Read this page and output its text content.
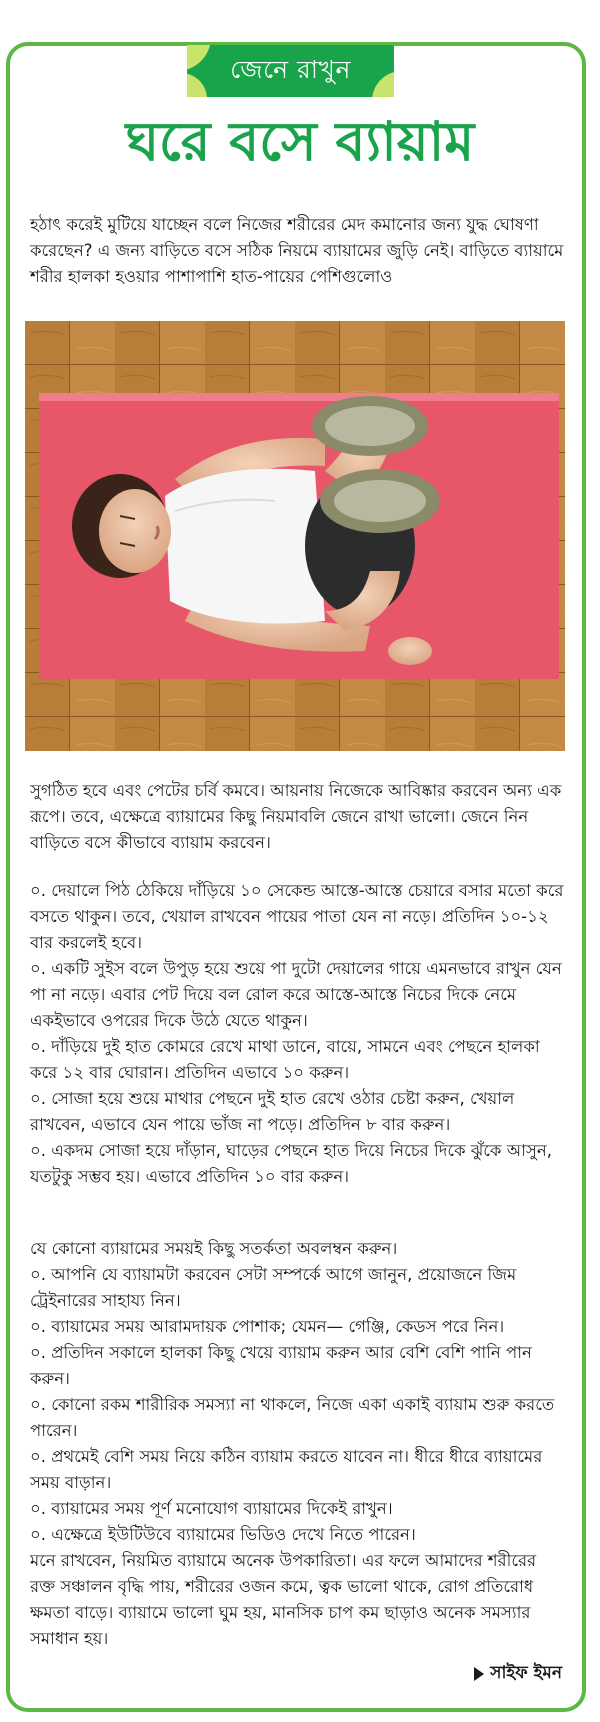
জেনে রাখুন
ঘরে বসে ব্যায়াম
হঠাৎ করেই মুটিয়ে যাচ্ছেন বলে নিজের শরীরের মেদ কমানোর জন্য যুদ্ধ ঘোষণা করেছেন? এ জন্য বাড়িতে বসে সঠিক নিয়মে ব্যায়ামের জুড়ি নেই। বাড়িতে ব্যায়ামে শরীর হালকা হওয়ার পাশাপাশি হাত-পায়ের পেশিগুলোও
সুগঠিত হবে এবং পেটের চর্বি কমবে। আয়নায় নিজেকে আবিষ্কার করবেন অন্য এক রূপে। তবে, এক্ষেত্রে ব্যায়ামের কিছু নিয়মাবলি জেনে রাখা ভালো। জেনে নিন বাড়িতে বসে কীভাবে ব্যায়াম করবেন।

০. দেয়ালে পিঠ ঠেকিয়ে দাঁড়িয়ে ১০ সেকেন্ড আস্তে-আস্তে চেয়ারে বসার মতো করে বসতে থাকুন। তবে, খেয়াল রাখবেন পায়ের পাতা যেন না নড়ে। প্রতিদিন ১০-১২ বার করলেই হবে।

০. একটি সুইস বলে উপুড় হয়ে শুয়ে পা দুটো দেয়ালের গায়ে এমনভাবে রাখুন যেন পা না নড়ে। এবার পেট দিয়ে বল রোল করে আস্তে-আস্তে নিচের দিকে নেমে একইভাবে ওপরের দিকে উঠে যেতে থাকুন।

০. দাঁড়িয়ে দুই হাত কোমরে রেখে মাথা ডানে, বায়ে, সামনে এবং পেছনে হালকা করে ১২ বার ঘোরান। প্রতিদিন এভাবে ১০ করুন।

০. সোজা হয়ে শুয়ে মাথার পেছনে দুই হাত রেখে ওঠার চেষ্টা করুন, খেয়াল রাখবেন, এভাবে যেন পায়ে ভাঁজ না পড়ে। প্রতিদিন ৮ বার করুন।

০. একদম সোজা হয়ে দাঁড়ান, ঘাড়ের পেছনে হাত দিয়ে নিচের দিকে ঝুঁকে আসুন, যতটুকু সম্ভব হয়। এভাবে প্রতিদিন ১০ বার করুন।

যে কোনো ব্যায়ামের সময়ই কিছু সতর্কতা অবলম্বন করুন।

০. আপনি যে ব্যায়ামটা করবেন সেটা সম্পর্কে আগে জানুন, প্রয়োজনে জিম ট্রেইনারের সাহায্য নিন।

০. ব্যায়ামের সময় আরামদায়ক পোশাক; যেমন— গেঞ্জি, কেডস পরে নিন।

০. প্রতিদিন সকালে হালকা কিছু খেয়ে ব্যায়াম করুন আর বেশি বেশি পানি পান করুন।

০. কোনো রকম শারীরিক সমস্যা না থাকলে, নিজে একা একাই ব্যায়াম শুরু করতে পারেন।

০. প্রথমেই বেশি সময় নিয়ে কঠিন ব্যায়াম করতে যাবেন না। ধীরে ধীরে ব্যায়ামের সময় বাড়ান।

০. ব্যায়ামের সময় পূর্ণ মনোযোগ ব্যায়ামের দিকেই রাখুন।

০. এক্ষেত্রে ইউটিউবে ব্যায়ামের ভিডিও দেখে নিতে পারেন।

মনে রাখবেন, নিয়মিত ব্যায়ামে অনেক উপকারিতা। এর ফলে আমাদের শরীরের রক্ত সঞ্চালন বৃদ্ধি পায়, শরীরের ওজন কমে, ত্বক ভালো থাকে, রোগ প্রতিরোধ ক্ষমতা বাড়ে। ব্যায়ামে ভালো ঘুম হয়, মানসিক চাপ কম ছাড়াও অনেক সমস্যার সমাধান হয়।

সাইফ ইমন
